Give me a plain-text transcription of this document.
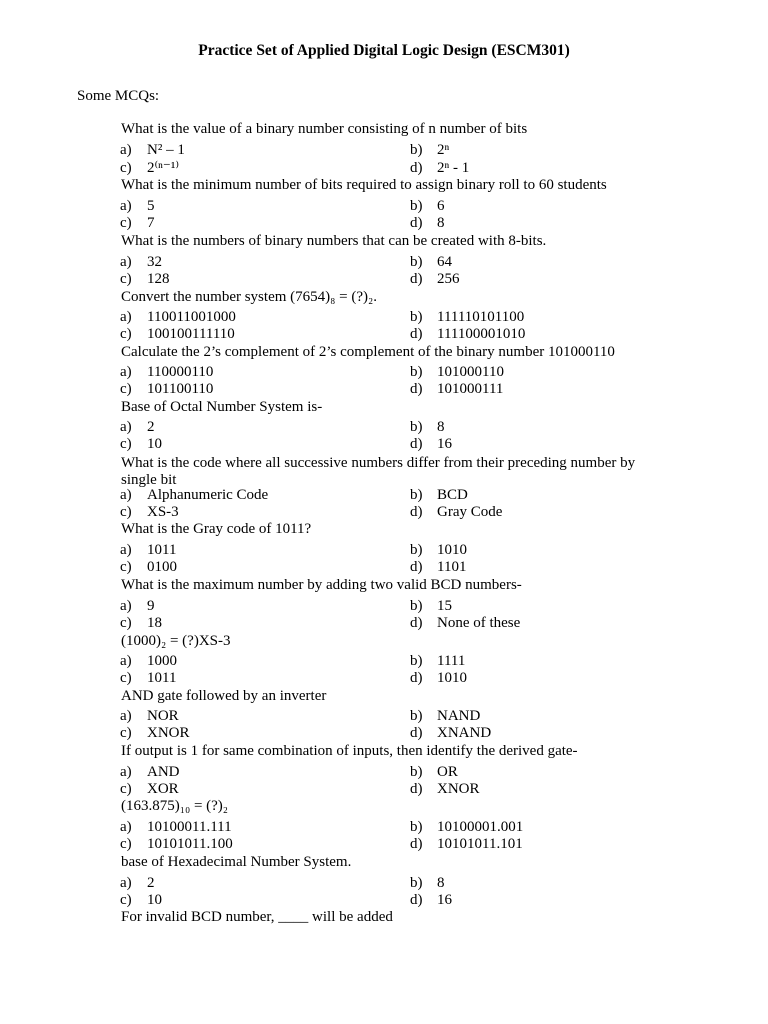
Practice Set of Applied Digital Logic Design (ESCM301)
Some MCQs:
What is the value of a binary number consisting of n number of bits
a) N² – 1	b) 2ⁿ
c) 2⁽ⁿ⁻¹⁾	d) 2ⁿ - 1
What is the minimum number of bits required to assign binary roll to 60 students
a) 5	b) 6
c) 7	d) 8
What is the numbers of binary numbers that can be created with 8-bits.
a) 32	b) 64
c) 128	d) 256
Convert the number system (7654)₈ = (?)₂.
a) 110011001000	b) 111110101100
c) 100100111110	d) 111100001010
Calculate the 2’s complement of 2’s complement of the binary number 101000110
a) 110000110	b) 101000110
c) 101100110	d) 101000111
Base of Octal Number System is-
a) 2	b) 8
c) 10	d) 16
What is the code where all successive numbers differ from their preceding number by single bit
a) Alphanumeric Code	b) BCD
c) XS-3	d) Gray Code
What is the Gray code of 1011?
a) 1011	b) 1010
c) 0100	d) 1101
What is the maximum number by adding two valid BCD numbers-
a) 9	b) 15
c) 18	d) None of these
(1000)₂ = (?)XS-3
a) 1000	b) 1111
c) 1011	d) 1010
AND gate followed by an inverter
a) NOR	b) NAND
c) XNOR	d) XNAND
If output is 1 for same combination of inputs, then identify the derived gate-
a) AND	b) OR
c) XOR	d) XNOR
(163.875)₁₀ = (?)₂
a) 10100011.111	b) 10100001.001
c) 10101011.100	d) 10101011.101
base of Hexadecimal Number System.
a) 2	b) 8
c) 10	d) 16
For invalid BCD number, ____ will be added
